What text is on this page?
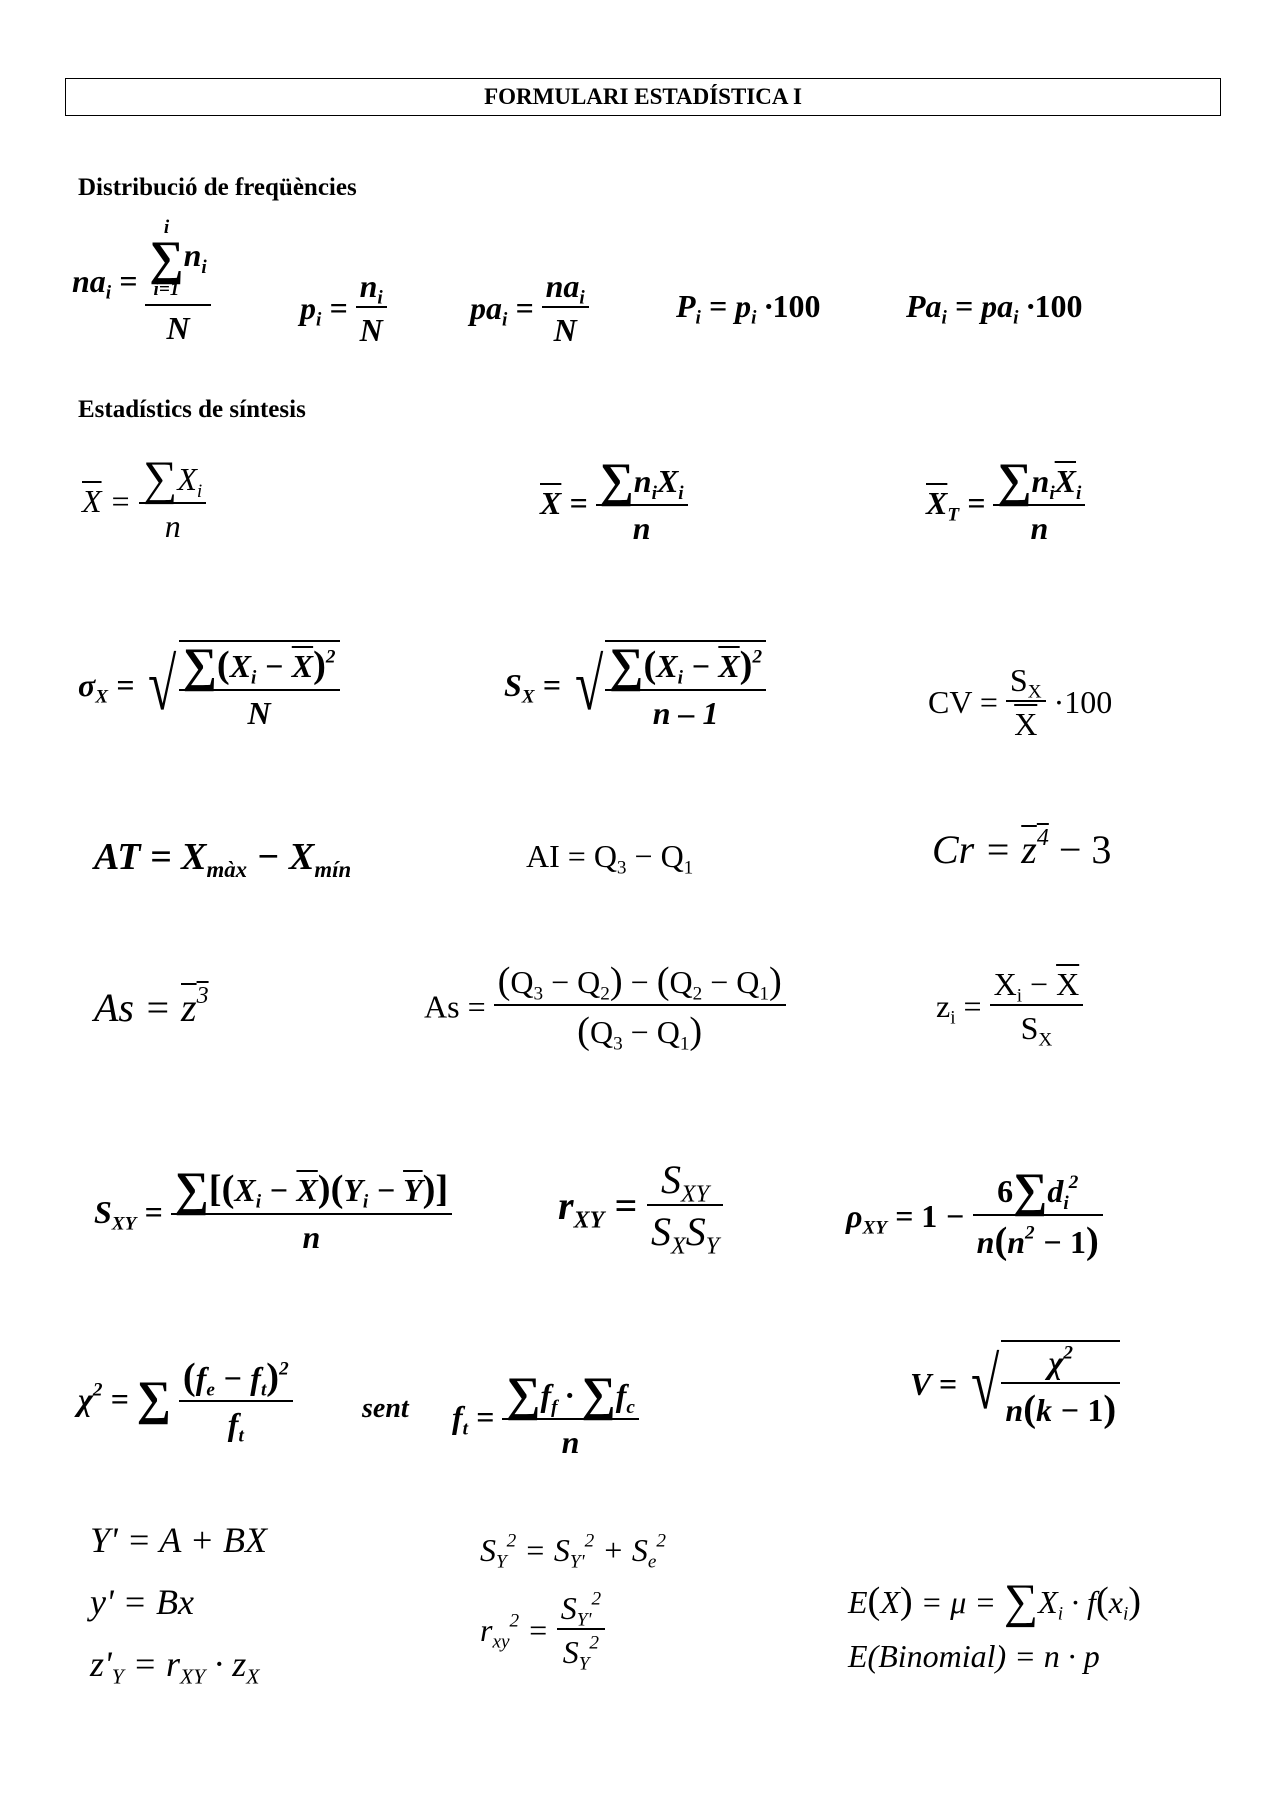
FORMULARI ESTADÍSTICA I
Distribució de freqüències
$na_i = i$
∑
i=1
$n_i$
N	$p_i = \frac{n_i}{N}$	$pa_i = \frac{na_i}{N}$	$P_i = p_i \cdot 100$	$Pa_i = pa_i \cdot 100$
Estadístics de síntesis
$\overline{X} = \frac{\sum X_i}{n}$	$\overline{X} = \frac{\sum n_iX_i}{n}$	$\overline{X}_T = \frac{\sum n_i\overline{X}_i}{n}$
$\sigma_X$ = √ $\frac{\sum(X_i - \overline{X})^2}{N}$	$S_X$ = √ $\frac{\sum(X_i - \overline{X})^2}{n - 1}$	CV = $\frac{S_X}{X} \cdot 100$
AT = $X_{màx} - X_{mín}$	AI = $Q_3 - Q_1$	$Cr = z^4 - 3$
$As = z^3$	$As = \frac{(Q_3 - Q_2) - (Q_2 - Q_1)}{(Q_3 - Q_1)}$	$z_i = \frac{X_i - \overline{X}}{S_X}$
$S_{XY} = \frac{\sum[(X_i - \overline{X})(Y_i - \overline{Y})]}{n}$	$r_{XY} = \frac{S_{XY}}{S_XS_Y}$	$\rho_{XY} = 1 - \frac{6\sum d_i^2}{n(n^2 - 1)}$
$\chi^2$ = ∑ $\frac{(f_e - f_t)^2}{f_t}$ sent $f_t = \frac{\sum f_f \cdot \sum f_c}{n}$	V = √ $\frac{\chi^2}{n(k - 1)}$
Y' = A + BX
y' = Bx
$z'_Y = r_{XY} \cdot z_X$
$S_Y^2 = S_{Y'}^2 + S_e^2$
$r_{xy}^2 = \frac{S_{Y'}^2}{S_Y^2}$	$E(X) = \mu = \sum X_i \cdot f(x_i)$
E(Binomial) = n · p
